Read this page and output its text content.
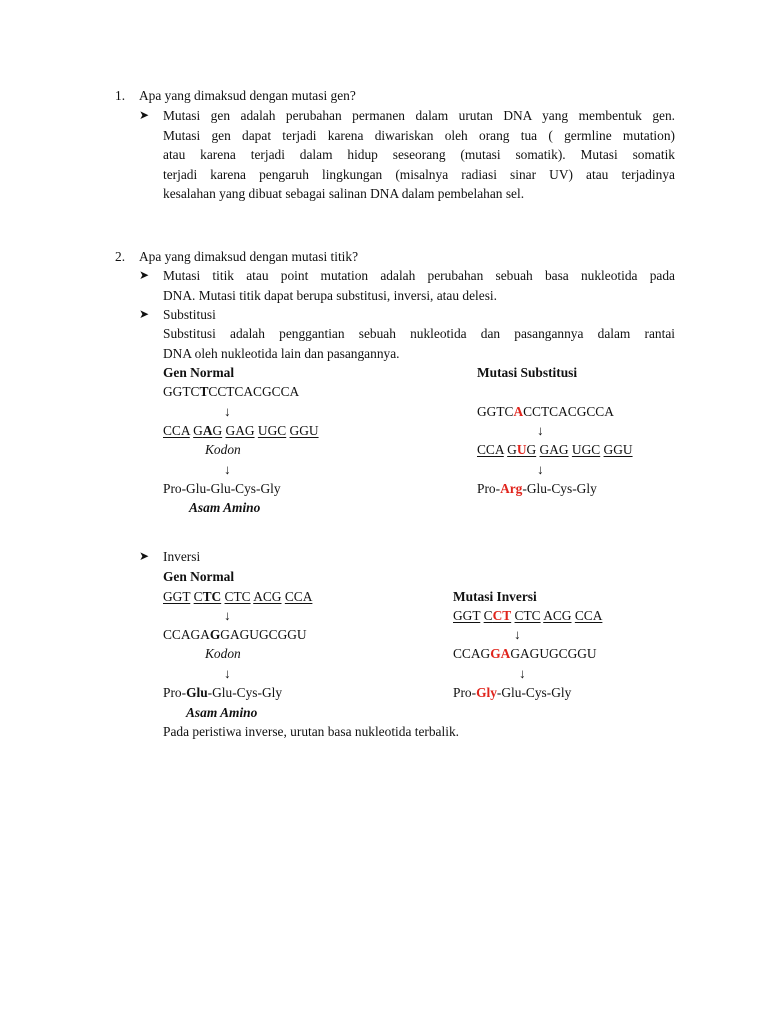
1. Apa yang dimaksud dengan mutasi gen?
➤ Mutasi gen adalah perubahan permanen dalam urutan DNA yang membentuk gen.
Mutasi gen dapat terjadi karena diwariskan oleh orang tua ( germline mutation)
atau karena terjadi dalam hidup seseorang (mutasi somatik). Mutasi somatik
terjadi karena pengaruh lingkungan (misalnya radiasi sinar UV) atau terjadinya
kesalahan yang dibuat sebagai salinan DNA dalam pembelahan sel.
2. Apa yang dimaksud dengan mutasi titik?
➤ Mutasi titik atau point mutation adalah perubahan sebuah basa nukleotida pada
DNA. Mutasi titik dapat berupa substitusi, inversi, atau delesi.
➤ Substitusi
Substitusi adalah penggantian sebuah nukleotida dan pasangannya dalam rantai
DNA oleh nukleotida lain dan pasangannya.
Gen Normal
GGTCTCCTCACGCCA
↓
CCA GAG GAG UGC GGU
Kodon
↓
Pro-Glu-Glu-Cys-Gly
Asam Amino
Mutasi Substitusi
GGTCACCTCACGCCA
↓
CCA GUG GAG UGC GGU
↓
Pro-Arg-Glu-Cys-Gly
➤ Inversi
Gen Normal
GGT CTC CTC ACG CCA
↓
CCAGAGGAGUGCGGU
Kodon
↓
Pro-Glu-Glu-Cys-Gly
Asam Amino
Mutasi Inversi
GGT CCT CTC ACG CCA
↓
CCAGGAGAGUGCGGU
↓
Pro-Gly-Glu-Cys-Gly
Pada peristiwa inverse, urutan basa nukleotida terbalik.
